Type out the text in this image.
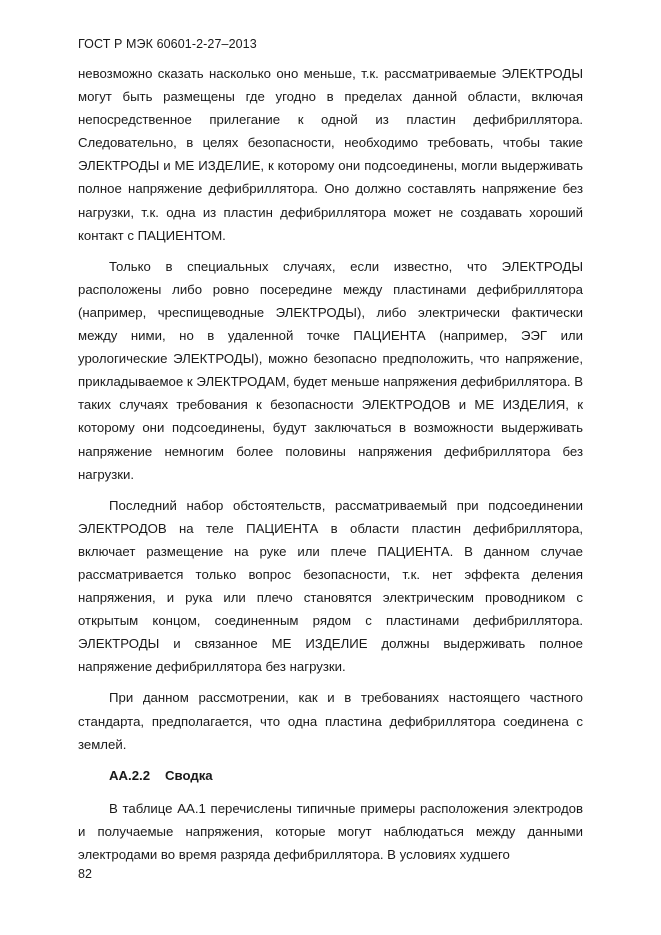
ГОСТ Р МЭК 60601-2-27–2013

невозможно сказать насколько оно меньше, т.к. рассматриваемые ЭЛЕКТРОДЫ могут быть размещены где угодно в пределах данной области, включая непосредственное прилегание к одной из пластин дефибриллятора. Следовательно, в целях безопасности, необходимо требовать, чтобы такие ЭЛЕКТРОДЫ и МЕ ИЗДЕЛИЕ, к которому они подсоединены, могли выдерживать полное напряжение дефибриллятора. Оно должно составлять напряжение без нагрузки, т.к. одна из пластин дефибриллятора может не создавать хороший контакт с ПАЦИЕНТОМ.

Только в специальных случаях, если известно, что ЭЛЕКТРОДЫ расположены либо ровно посередине между пластинами дефибриллятора (например, чреспищеводные ЭЛЕКТРОДЫ), либо электрически фактически между ними, но в удаленной точке ПАЦИЕНТА (например, ЭЭГ или урологические ЭЛЕКТРОДЫ), можно безопасно предположить, что напряжение, прикладываемое к ЭЛЕКТРОДАМ, будет меньше напряжения дефибриллятора. В таких случаях требования к безопасности ЭЛЕКТРОДОВ и МЕ ИЗДЕЛИЯ, к которому они подсоединены, будут заключаться в возможности выдерживать напряжение немногим более половины напряжения дефибриллятора без нагрузки.

Последний набор обстоятельств, рассматриваемый при подсоединении ЭЛЕКТРОДОВ на теле ПАЦИЕНТА в области пластин дефибриллятора, включает размещение на руке или плече ПАЦИЕНТА. В данном случае рассматривается только вопрос безопасности, т.к. нет эффекта деления напряжения, и рука или плечо становятся электрическим проводником с открытым концом, соединенным рядом с пластинами дефибриллятора. ЭЛЕКТРОДЫ и связанное МЕ ИЗДЕЛИЕ должны выдерживать полное напряжение дефибриллятора без нагрузки.

При данном рассмотрении, как и в требованиях настоящего частного стандарта, предполагается, что одна пластина дефибриллятора соединена с землей.

АА.2.2 Сводка

В таблице АА.1 перечислены типичные примеры расположения электродов и получаемые напряжения, которые могут наблюдаться между данными электродами во время разряда дефибриллятора. В условиях худшего

82
